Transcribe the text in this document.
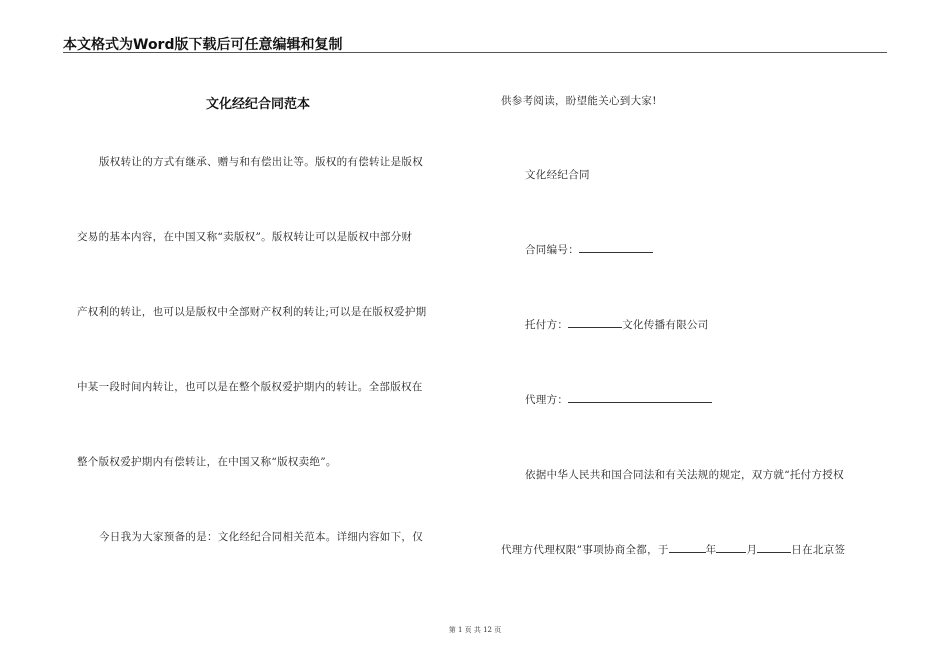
本文格式为Word版下载后可任意编辑和复制
文化经纪合同范本
版权转让的方式有继承、赠与和有偿出让等。版权的有偿转让是版权
交易的基本内容，在中国又称“卖版权”。版权转让可以是版权中部分财
产权利的转让，也可以是版权中全部财产权利的转让;可以是在版权爱护期
中某一段时间内转让，也可以是在整个版权爱护期内的转让。全部版权在
整个版权爱护期内有偿转让，在中国又称“版权卖绝”。
今日我为大家预备的是：文化经纪合同相关范本。详细内容如下，仅
供参考阅读，盼望能关心到大家!
文化经纪合同
合同编号：
托付方：	文化传播有限公司
代理方：
依据中华人民共和国合同法和有关法规的规定，双方就“托付方授权
代理方代理权限”事项协商全都，于	年	月	日在北京签
第 1 页 共 12 页
